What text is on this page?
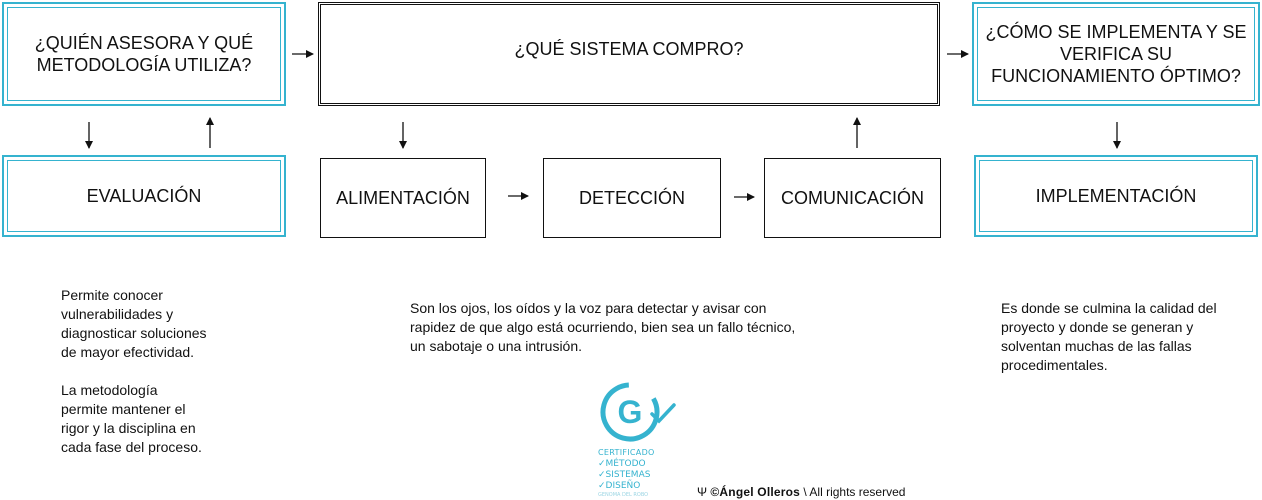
¿QUIÉN ASESORA Y QUÉ METODOLOGÍA UTILIZA?
¿QUÉ SISTEMA COMPRO?
¿CÓMO SE IMPLEMENTA Y SE VERIFICA SU FUNCIONAMIENTO ÓPTIMO?
EVALUACIÓN	ALIMENTACIÓN	DETECCIÓN	COMUNICACIÓN	IMPLEMENTACIÓN

Permite conocer
vulnerabilidades y
diagnosticar soluciones
de mayor efectividad.

La metodología
permite mantener el
rigor y la disciplina en
cada fase del proceso.

Son los ojos, los oídos y la voz para detectar y avisar con
rapidez de que algo está ocurriendo, bien sea un fallo técnico,
un sabotaje o una intrusión.

Es donde se culmina la calidad del
proyecto y donde se generan y
solventan muchas de las fallas
procedimentales.

G
CERTIFICADO
✓MÉTODO
✓SISTEMAS
✓DISEÑO
GENOMA DEL ROBO	Ψ ©Ángel Olleros \ All rights reserved
